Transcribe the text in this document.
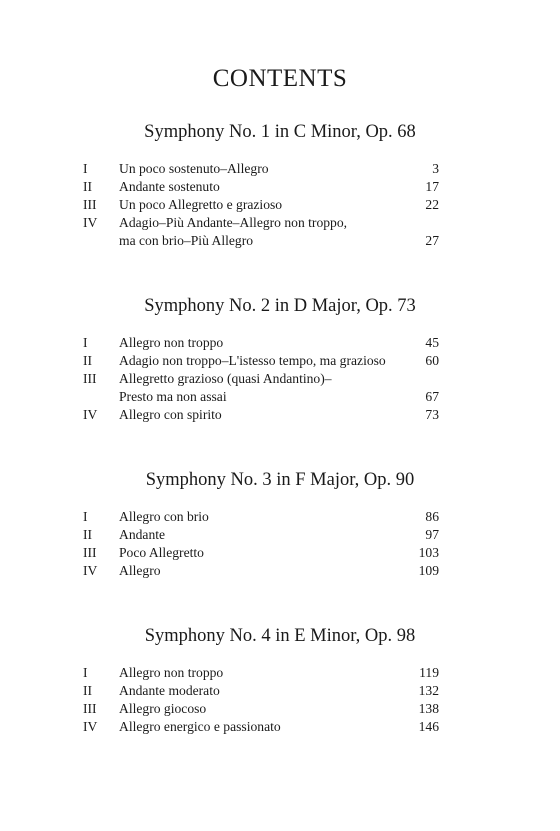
CONTENTS
Symphony No. 1 in C Minor, Op. 68
I Un poco sostenuto–Allegro	3
II Andante sostenuto	17
III Un poco Allegretto e grazioso	22
IV Adagio–Più Andante–Allegro non troppo,
ma con brio–Più Allegro	27
Symphony No. 2 in D Major, Op. 73
I Allegro non troppo	45
II Adagio non troppo–L'istesso tempo, ma grazioso	60
III Allegretto grazioso (quasi Andantino)–
Presto ma non assai	67
IV Allegro con spirito	73
Symphony No. 3 in F Major, Op. 90
I Allegro con brio	86
II Andante	97
III Poco Allegretto	103
IV Allegro	109
Symphony No. 4 in E Minor, Op. 98
I Allegro non troppo	119
II Andante moderato	132
III Allegro giocoso	138
IV Allegro energico e passionato	146
